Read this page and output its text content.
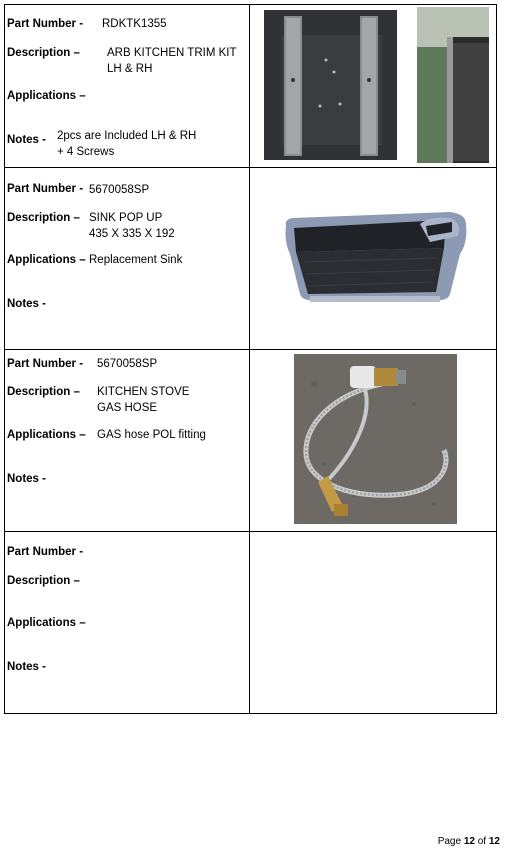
Part Number - RDKTK1355
Description – ARB KITCHEN TRIM KIT
LH & RH
Applications –
Notes - 2pcs are Included LH & RH
+ 4 Screws
Part Number - 5670058SP
Description – SINK POP UP
435 X 335 X 192
Applications – Replacement Sink
Notes -
Part Number - 5670058SP
Description – KITCHEN STOVE
GAS HOSE
Applications – GAS hose POL fitting
Notes -
Part Number -
Description –
Applications –
Notes -
Page 12 of 12
